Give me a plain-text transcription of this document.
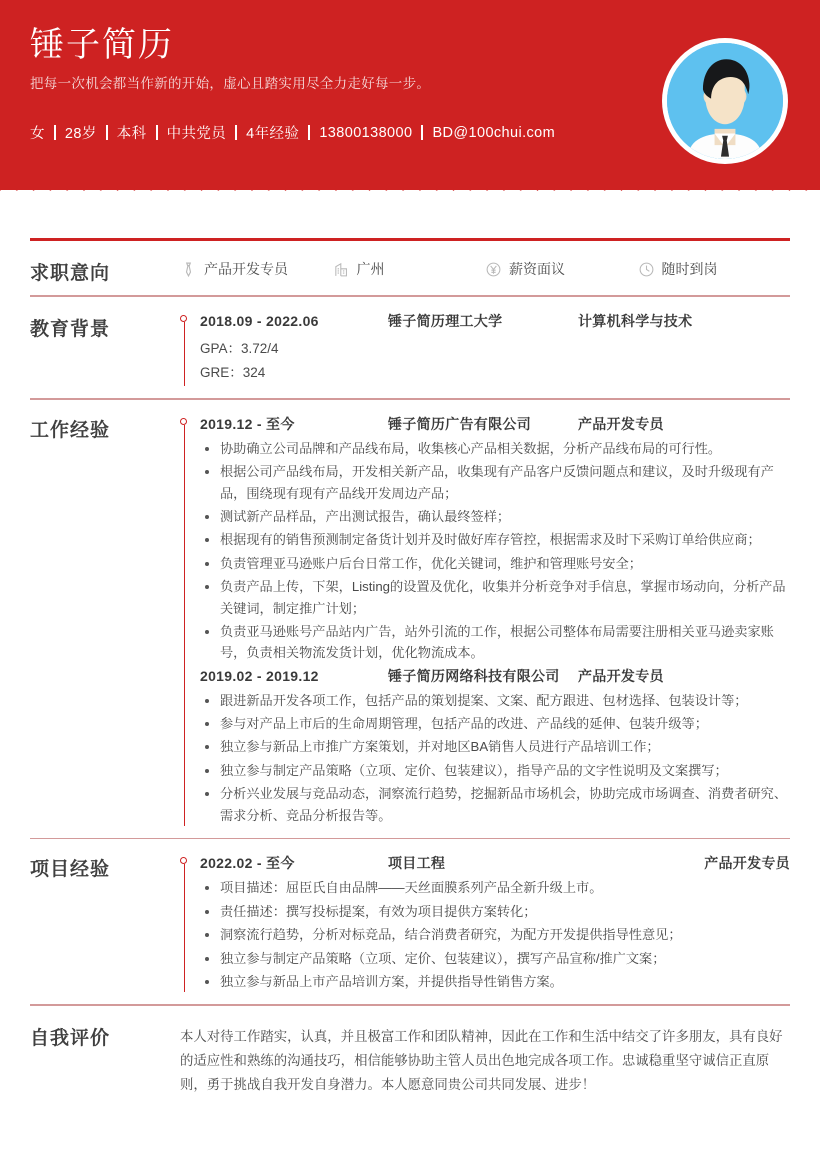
锤子简历

把每一次机会都当作新的开始，虚心且踏实用尽全力走好每一步。

女 28岁 本科 中共党员 4年经验 13800138000 BD@100chui.com
求职意向	产品开发专员	广州	薪资面议	随时到岗
教育背景	2018.09 - 2022.06	锤子简历理工大学	计算机科学与技术
GPA：3.72/4
GRE：324
工作经验	2019.12 - 至今	锤子简历广告有限公司	产品开发专员
协助确立公司品牌和产品线布局，收集核心产品相关数据，分析产品线布局的可行性。
根据公司产品线布局，开发相关新产品，收集现有产品客户反馈问题点和建议，及时升级现有产品，围绕现有现有产品线开发周边产品；
测试新产品样品，产出测试报告，确认最终签样；
根据现有的销售预测制定备货计划并及时做好库存管控，根据需求及时下采购订单给供应商；
负责管理亚马逊账户后台日常工作，优化关键词，维护和管理账号安全；
负责产品上传，下架，Listing的设置及优化，收集并分析竞争对手信息，掌握市场动向，分析产品关键词，制定推广计划；
负责亚马逊账号产品站内广告，站外引流的工作，根据公司整体布局需要注册相关亚马逊卖家账号，负责相关物流发货计划，优化物流成本。
2019.02 - 2019.12	锤子简历网络科技有限公司	产品开发专员
跟进新品开发各项工作，包括产品的策划提案、文案、配方跟进、包材选择、包装设计等；
参与对产品上市后的生命周期管理，包括产品的改进、产品线的延伸、包装升级等；
独立参与新品上市推广方案策划，并对地区BA销售人员进行产品培训工作；
独立参与制定产品策略（立项、定价、包装建议），指导产品的文字性说明及文案撰写；
分析兴业发展与竞品动态，洞察流行趋势，挖掘新品市场机会，协助完成市场调查、消费者研究、需求分析、竞品分析报告等。
项目经验	2022.02 - 至今	项目工程	产品开发专员
项目描述：屈臣氏自由品牌——天丝面膜系列产品全新升级上市。
责任描述：撰写投标提案，有效为项目提供方案转化；
洞察流行趋势，分析对标竞品，结合消费者研究，为配方开发提供指导性意见；
独立参与制定产品策略（立项、定价、包装建议），撰写产品宣称/推广文案；
独立参与新品上市产品培训方案，并提供指导性销售方案。
自我评价	本人对待工作踏实，认真，并且极富工作和团队精神，因此在工作和生活中结交了许多朋友，具有良好的适应性和熟练的沟通技巧，相信能够协助主管人员出色地完成各项工作。忠诚稳重坚守诚信正直原则，勇于挑战自我开发自身潜力。本人愿意同贵公司共同发展、进步！
